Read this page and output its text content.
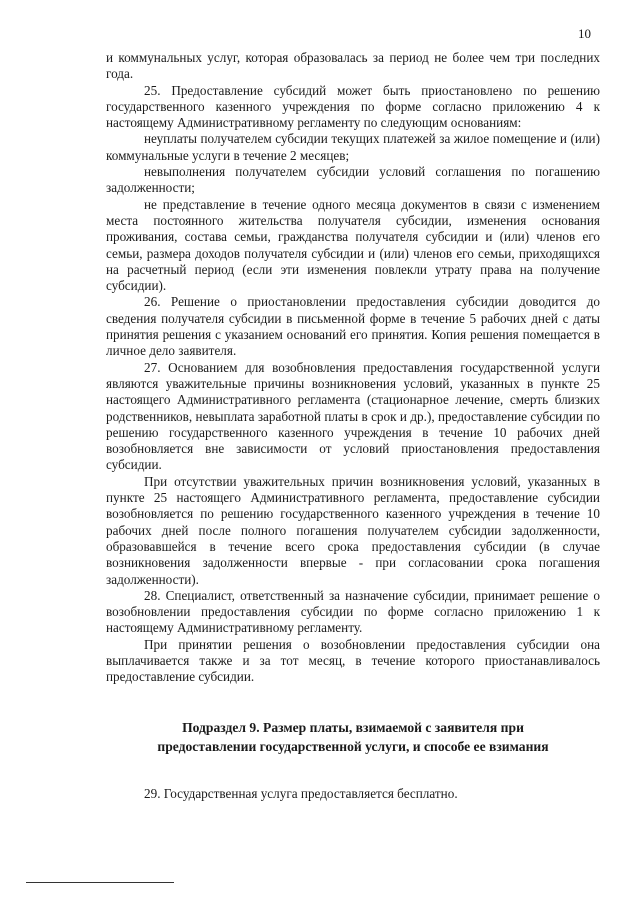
10

и коммунальных услуг, которая образовалась за период не более чем три последних года.

25. Предоставление субсидий может быть приостановлено по решению государственного казенного учреждения по форме согласно приложению 4 к настоящему Административному регламенту по следующим основаниям:

неуплаты получателем субсидии текущих платежей за жилое помещение и (или) коммунальные услуги в течение 2 месяцев;

невыполнения получателем субсидии условий соглашения по погашению задолженности;

не представление в течение одного месяца документов в связи с изменением места постоянного жительства получателя субсидии, изменения основания проживания, состава семьи, гражданства получателя субсидии и (или) членов его семьи, размера доходов получателя субсидии и (или) членов его семьи, приходящихся на расчетный период (если эти изменения повлекли утрату права на получение субсидии).

26. Решение о приостановлении предоставления субсидии доводится до сведения получателя субсидии в письменной форме в течение 5 рабочих дней с даты принятия решения с указанием оснований его принятия. Копия решения помещается в личное дело заявителя.

27. Основанием для возобновления предоставления государственной услуги являются уважительные причины возникновения условий, указанных в пункте 25 настоящего Административного регламента (стационарное лечение, смерть близких родственников, невыплата заработной платы в срок и др.), предоставление субсидии по решению государственного казенного учреждения в течение 10 рабочих дней возобновляется вне зависимости от условий приостановления предоставления субсидии.

При отсутствии уважительных причин возникновения условий, указанных в пункте 25 настоящего Административного регламента, предоставление субсидии возобновляется по решению государственного казенного учреждения в течение 10 рабочих дней после полного погашения получателем субсидии задолженности, образовавшейся в течение всего срока предоставления субсидии (в случае возникновения задолженности впервые - при согласовании срока погашения задолженности).

28. Специалист, ответственный за назначение субсидии, принимает решение о возобновлении предоставления субсидии по форме согласно приложению 1 к настоящему Административному регламенту.

При принятии решения о возобновлении предоставления субсидии она выплачивается также и за тот месяц, в течение которого приостанавливалось предоставление субсидии.

Подраздел 9. Размер платы, взимаемой с заявителя при
предоставлении государственной услуги, и способе ее взимания

29. Государственная услуга предоставляется бесплатно.
